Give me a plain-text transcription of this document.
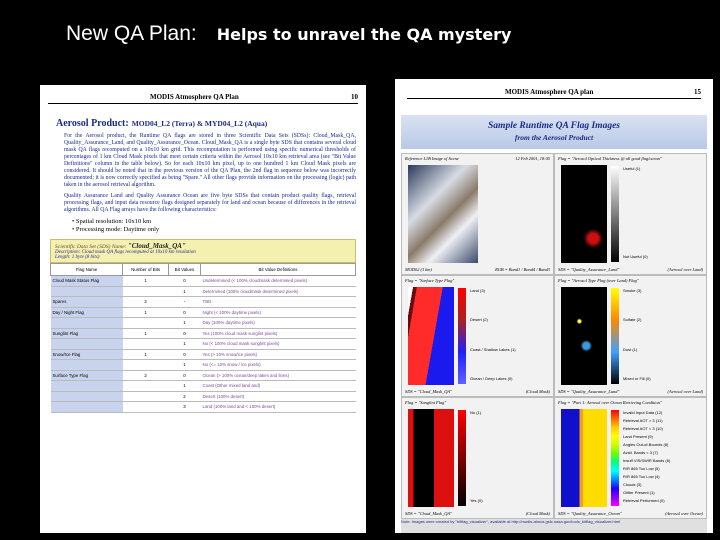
New QA Plan: Helps to unravel the QA mystery
MODIS Atmosphere QA Plan	10
Aerosol Product: MOD04_L2 (Terra) & MYD04_L2 (Aqua)
For the Aerosol product, the Runtime QA flags are stored in three Scientific Data Sets (SDSs): Cloud_Mask_QA, Quality_Assurance_Land, and Quality_Assurance_Ocean. Cloud_Mask_QA is a single byte SDS that contains several cloud mask QA flags recomputed on a 10x10 km grid. This recomputation is performed using specific numerical thresholds of percentages of 1 km Cloud Mask pixels that meet certain criteria within the Aerosol 10x10 km retrieval area (see "Bit Value Definitions" column in the table below). So for each 10x10 km pixel, up to one hundred 1 km Cloud Mask pixels are considered. It should be noted that in the previous version of the QA Plan, the 2nd flag in sequence below was incorrectly documented; it is now correctly specified as being "Spare." All other flags provide information on the processing (logic) path taken in the aerosol retrieval algorithm.
Quality Assurance Land and Quality Assurance Ocean are five byte SDSs that contain product quality flags, retrieval processing flags, and input data resource flags designed separately for land and ocean because of differences in the retrieval algorithms. All QA Flag arrays have the following characteristics:
• Spatial resolution: 10x10 km
• Processing mode: Daytime only
Scientific Data Set (SDS) Name: "Cloud_Mask_QA"
Description: Cloud mask QA flags recomputed at 10x10 km resolution
Length: 1 byte (8 bits)
Flag Name	Number of Bits	Bit Values	Bit Value Definitions
Cloud Mask Status Flag	1	0	Undetermined (< 100% cloudmask determined pixels)
		1	Determined (100% cloudmask determined pixels)
Spares	2	-	TBD
Day / Night Flag	1	0	Night (< 100% daytime pixels)
		1	Day (100% daytime pixels)
Sunglint Flag	1	0	Yes (100% cloud mask sunglint pixels)
		1	No (< 100% cloud mask sunglint pixels)
Snow/Ice Flag	1	0	Yes (> 10% snow/ice pixels)
		1	No (<= 10% snow / ice pixels)
Surface Type Flag	2	0	Ocean (> 100% ocean/deep lakes and lines)
		1	Coast (Other mixed land and)
		2	Desert (100% desert)
		3	Land (100% land and < 100% desert)
MODIS Atmosphere QA plan	15
Sample Runtime QA Flag Images
from the Aerosol Product
Reference L1B Image of Scene	12 Feb 2001, 18:05
MOD02 (3 km)	RGB = Band1 / Band4 / Band3
Flag = "Aerosol Optical Thickness @ all good flag/ocean"
Useful (1)
Not Useful (0)
SDS = "Quality_Assurance_Land"	(Aerosol over Land)
Flag = "Surface Type Flag"
Land (3)
Desert (2)
Coast / Shallow Lakes (1)
Ocean / Deep Lakes (0)
SDS = "Cloud_Mask_QA"	(Cloud Mask)
Flag = "Aerosol Type Flag (over Land) Flag"
Smoke (3)
Sulfate (2)
Dust (1)
Mixed or Fill (0)
SDS = "Quality_Assurance_Land"	(Aerosol over Land)
Flag = "Sunglint Flag"
No (1)
Yes (0)
SDS = "Cloud_Mask_QA"	(Cloud Mask)
Flag = "Part 1: Aerosol over Ocean Retrieving Condition"
Invalid Input Data (12)
Retrieval AOT > 3 (11)
Retrieval AOT < 3 (10)
Land Present (9)
Angles Out-of-Bounds (8)
Avail. Bands < 3 (7)
Insuff VIS/SWIR Bands (6)
R/R 865 Too Low (5)
R/R 865 Too Low (4)
Clouds (3)
Glitter Present (1)
Retrieval Performed (0)
SDS = "Quality_Assurance_Ocean"	(Aerosol over Ocean)
Note: Images were created by "bitflag_visualizer", available at http://modis-atmos.gsfc.nasa.gov/tools_bitflag_visualizer.html
